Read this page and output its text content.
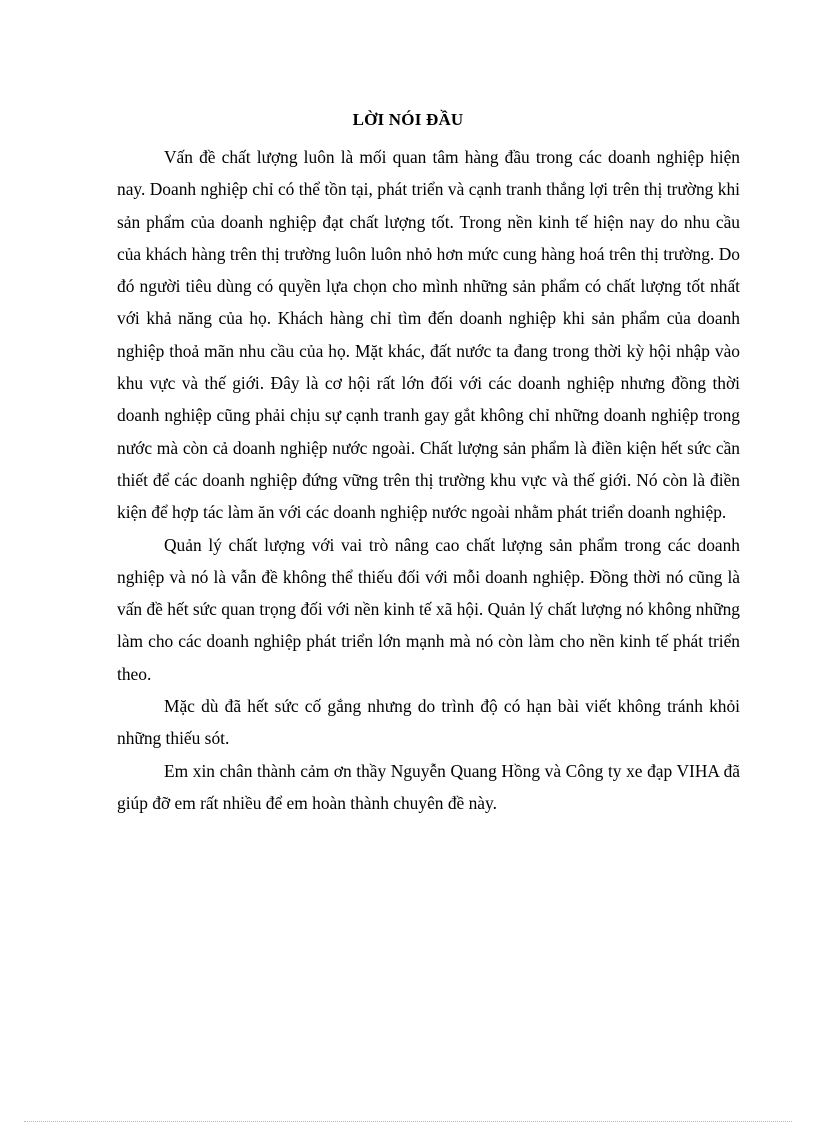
LỜI NÓI ĐẦU

Vấn đề chất lượng luôn là mối quan tâm hàng đầu trong các doanh nghiệp hiện nay. Doanh nghiệp chỉ có thể tồn tại, phát triển và cạnh tranh thắng lợi trên thị trường khi sản phẩm của doanh nghiệp đạt chất lượng tốt. Trong nền kinh tế hiện nay do nhu cầu của khách hàng trên thị trường luôn luôn nhỏ hơn mức cung hàng hoá trên thị trường. Do đó người tiêu dùng có quyền lựa chọn cho mình những sản phẩm có chất lượng tốt nhất với khả năng của họ. Khách hàng chỉ tìm đến doanh nghiệp khi sản phẩm của doanh nghiệp thoả mãn nhu cầu của họ. Mặt khác, đất nước ta đang trong thời kỳ hội nhập vào khu vực và thế giới. Đây là cơ hội rất lớn đối với các doanh nghiệp nhưng đồng thời doanh nghiệp cũng phải chịu sự cạnh tranh gay gắt không chỉ những doanh nghiệp trong nước mà còn cả doanh nghiệp nước ngoài. Chất lượng sản phẩm là điền kiện hết sức cần thiết để các doanh nghiệp đứng vững trên thị trường khu vực và thế giới. Nó còn là điền kiện để hợp tác làm ăn với các doanh nghiệp nước ngoài nhằm phát triển doanh nghiệp.

Quản lý chất lượng với vai trò nâng cao chất lượng sản phẩm trong các doanh nghiệp và nó là vẫn đề không thể thiếu đối với mỗi doanh nghiệp. Đồng thời nó cũng là vấn đề hết sức quan trọng đối với nền kinh tế xã hội. Quản lý chất lượng nó không những làm cho các doanh nghiệp phát triển lớn mạnh mà nó còn làm cho nền kinh tế phát triển theo.

Mặc dù đã hết sức cố gắng nhưng do trình độ có hạn bài viết không tránh khỏi những thiếu sót.

Em xin chân thành cảm ơn thầy Nguyễn Quang Hồng và Công ty xe đạp VIHA đã giúp đỡ em rất nhiều để em hoàn thành chuyên đề này.
